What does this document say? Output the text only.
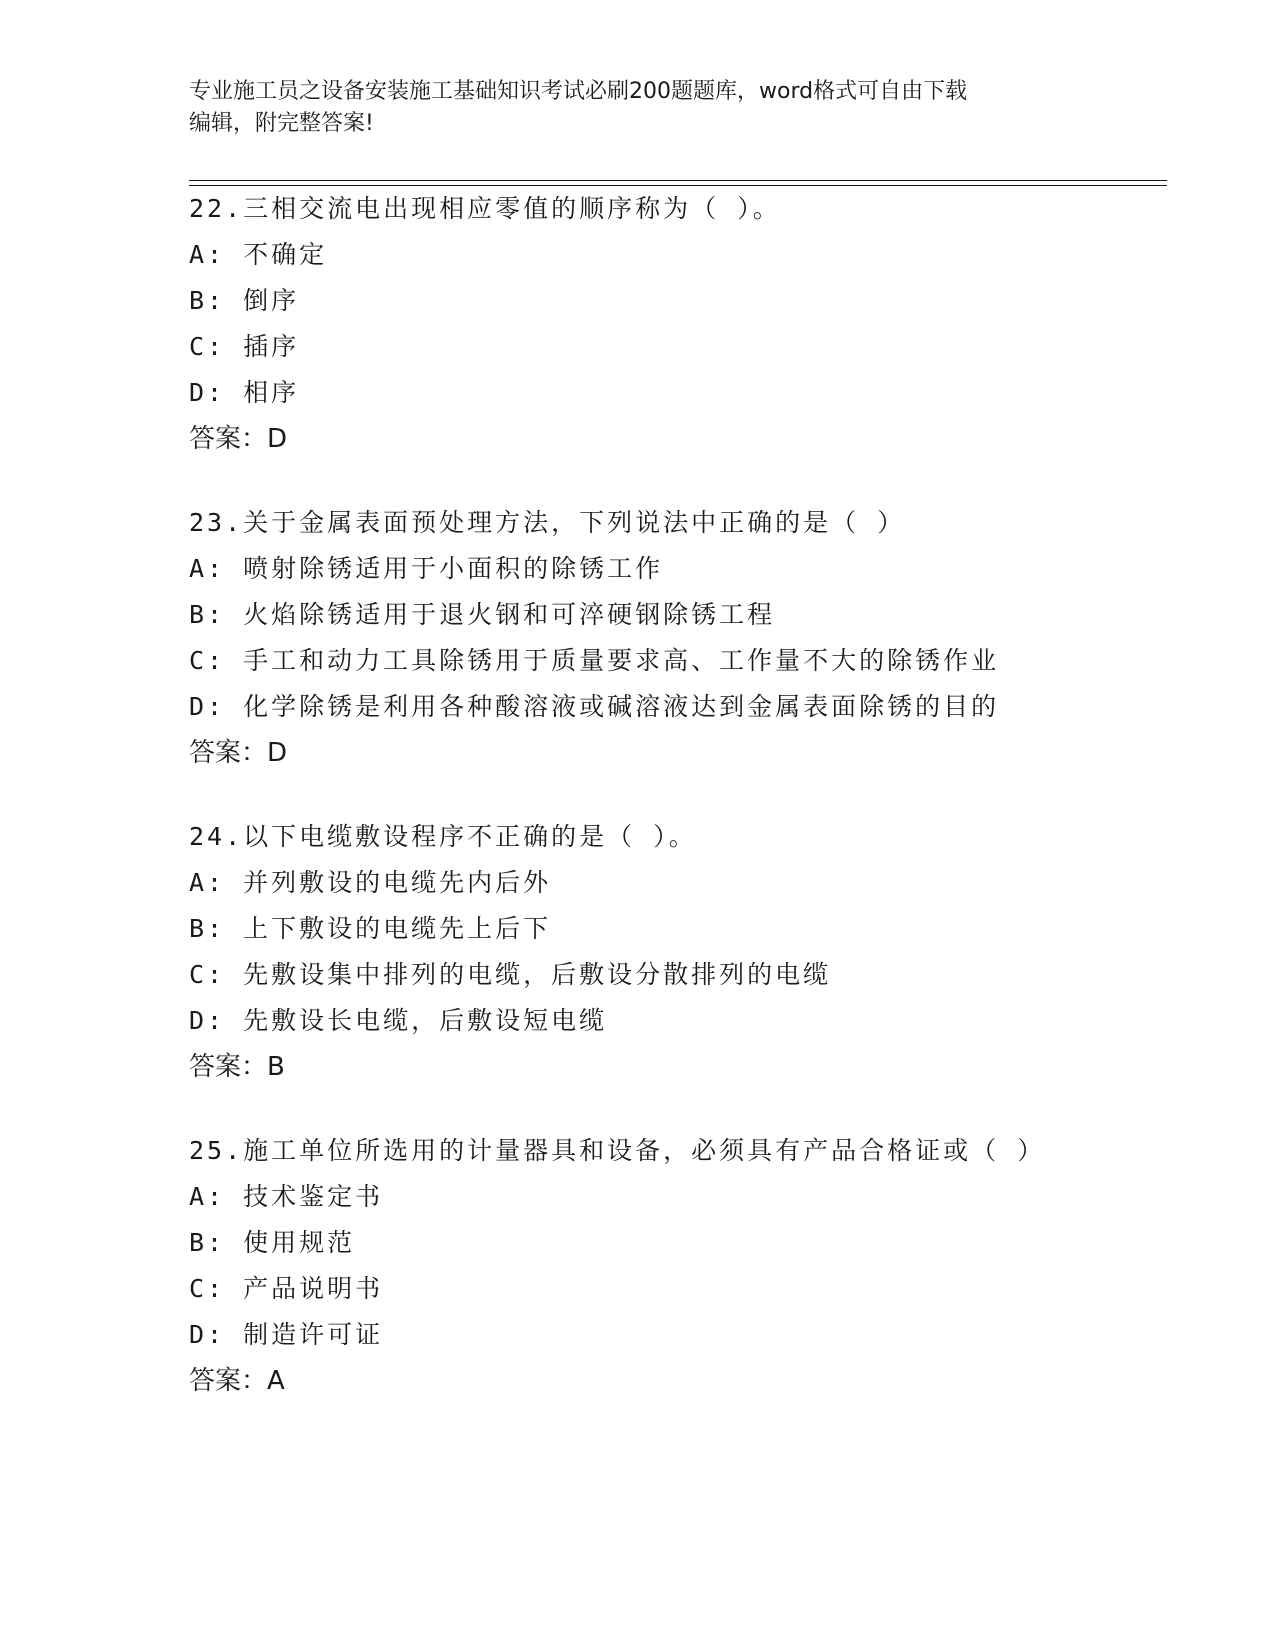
专业施工员之设备安装施工基础知识考试必刷200题题库，word格式可自由下载
编辑，附完整答案!
22.三相交流电出现相应零值的顺序称为（ ）。
A: 不确定
B: 倒序
C: 插序
D: 相序
答案：D
23.关于金属表面预处理方法，下列说法中正确的是（ ）
A: 喷射除锈适用于小面积的除锈工作
B: 火焰除锈适用于退火钢和可淬硬钢除锈工程
C: 手工和动力工具除锈用于质量要求高、工作量不大的除锈作业
D: 化学除锈是利用各种酸溶液或碱溶液达到金属表面除锈的目的
答案：D
24.以下电缆敷设程序不正确的是（ ）。
A: 并列敷设的电缆先内后外
B: 上下敷设的电缆先上后下
C: 先敷设集中排列的电缆，后敷设分散排列的电缆
D: 先敷设长电缆，后敷设短电缆
答案：B
25.施工单位所选用的计量器具和设备，必须具有产品合格证或（ ）
A: 技术鉴定书
B: 使用规范
C: 产品说明书
D: 制造许可证
答案：A
